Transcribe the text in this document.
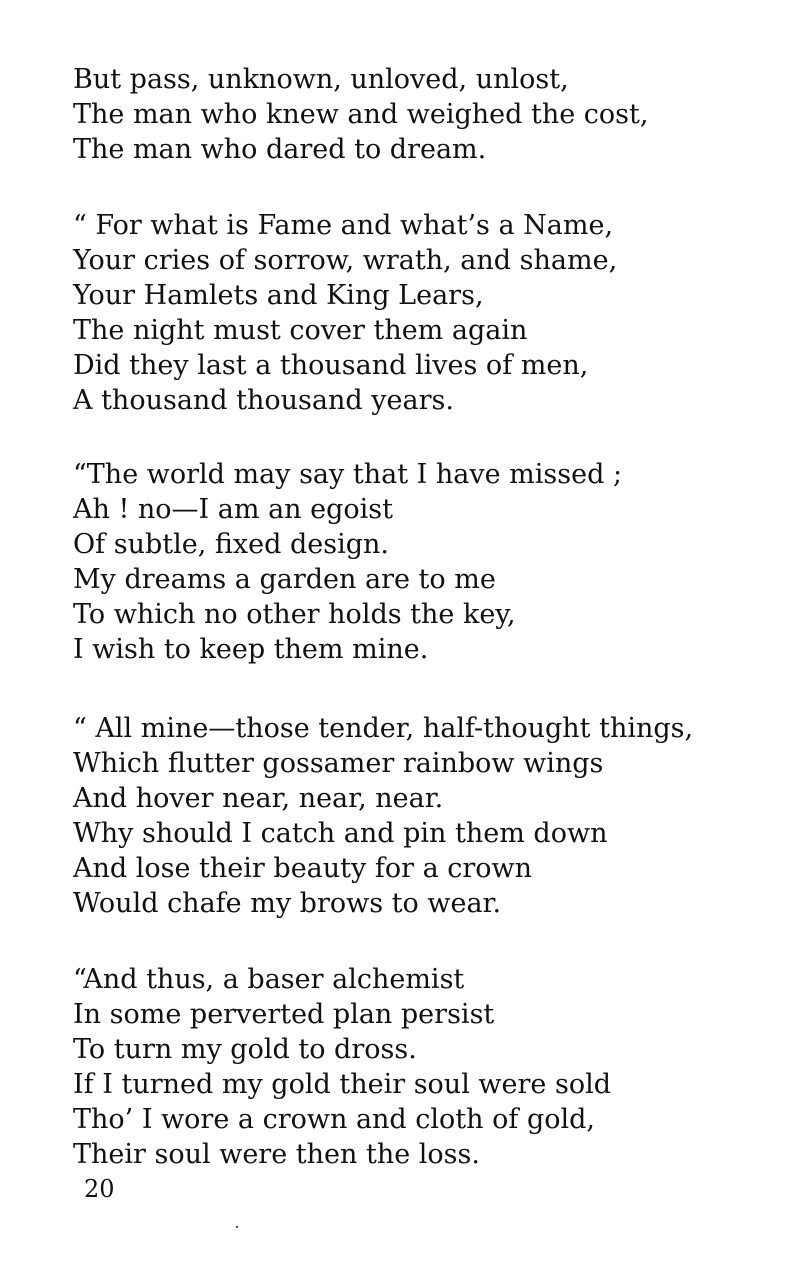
But pass, unknown, unloved, unlost,
The man who knew and weighed the cost,
The man who dared to dream.
“ For what is Fame and what’s a Name,
Your cries of sorrow, wrath, and shame,
Your Hamlets and King Lears,
The night must cover them again
Did they last a thousand lives of men,
A thousand thousand years.
“The world may say that I have missed ;
Ah ! no—I am an egoist
Of subtle, fixed design.
My dreams a garden are to me
To which no other holds the key,
I wish to keep them mine.
“ All mine—those tender, half-thought things,
Which flutter gossamer rainbow wings
And hover near, near, near.
Why should I catch and pin them down
And lose their beauty for a crown
Would chafe my brows to wear.
“And thus, a baser alchemist
In some perverted plan persist
To turn my gold to dross.
If I turned my gold their soul were sold
Tho’ I wore a crown and cloth of gold,
Their soul were then the loss.
20
